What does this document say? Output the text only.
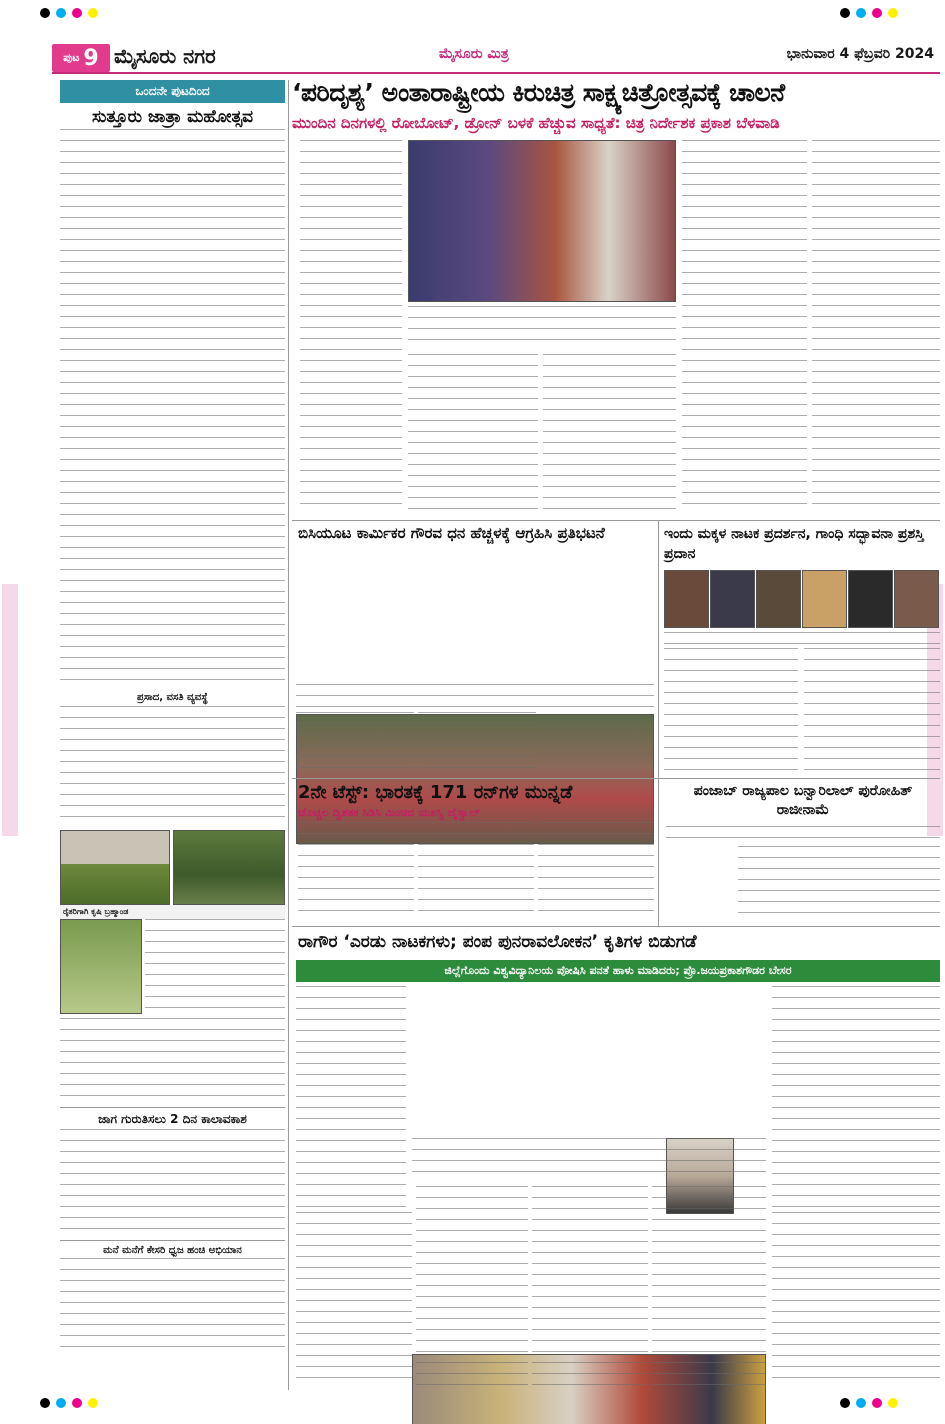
ಪುಟ 9 ಮೈಸೂರು ನಗರ	ಮೈಸೂರು ಮಿತ್ರ	ಭಾನುವಾರ 4 ಫೆಬ್ರವರಿ 2024
ಒಂದನೇ ಪುಟದಿಂದ
ಸುತ್ತೂರು ಜಾತ್ರಾ ಮಹೋತ್ಸವ
ಪ್ರಸಾದ, ವಸತಿ ವ್ಯವಸ್ಥೆ
ರೈತರಿಗಾಗಿ ಕೃಷಿ ಬ್ರಹ್ಮಾಂಡ
ಜಾಗ ಗುರುತಿಸಲು 2 ದಿನ ಕಾಲಾವಕಾಶ
ಮನೆ ಮನೆಗೆ ಕೇಸರಿ ಧ್ವಜ ಹಂಚಿ ಅಭಿಯಾನ
‘ಪರಿದೃಶ್ಯ’ ಅಂತಾರಾಷ್ಟ್ರೀಯ ಕಿರುಚಿತ್ರ ಸಾಕ್ಷ್ಯಚಿತ್ರೋತ್ಸವಕ್ಕೆ ಚಾಲನೆ
ಮುಂದಿನ ದಿನಗಳಲ್ಲಿ ರೋಬೋಟ್, ಡ್ರೋನ್ ಬಳಕೆ ಹೆಚ್ಚುವ ಸಾಧ್ಯತೆ: ಚಿತ್ರ ನಿರ್ದೇಶಕ ಪ್ರಕಾಶ ಬೆಳವಾಡಿ
ಬಿಸಿಯೂಟ ಕಾರ್ಮಿಕರ ಗೌರವ ಧನ ಹೆಚ್ಚಳಕ್ಕೆ ಆಗ್ರಹಿಸಿ ಪ್ರತಿಭಟನೆ	ಇಂದು ಮಕ್ಕಳ ನಾಟಕ ಪ್ರದರ್ಶನ, ಗಾಂಧಿ ಸದ್ಭಾವನಾ ಪ್ರಶಸ್ತಿ ಪ್ರದಾನ
2ನೇ ಟೆಸ್ಟ್: ಭಾರತಕ್ಕೆ 171 ರನ್‌ಗಳ ಮುನ್ನಡೆ
ಚೊಚ್ಚಲ ದ್ವಿಶತಕ ಸಿಡಿಸಿ ಮಿಂಚಿದ ಯಶಸ್ವಿ ಜೈಸ್ವಾಲ್
ಪಂಜಾಬ್ ರಾಜ್ಯಪಾಲ ಬನ್ವಾರಿಲಾಲ್ ಪುರೋಹಿತ್ ರಾಜೀನಾಮೆ
ರಾಗೌರ ‘ಎರಡು ನಾಟಕಗಳು; ಪಂಪ ಪುನರಾವಲೋಕನ’ ಕೃತಿಗಳ ಬಿಡುಗಡೆ
ಜಿಲ್ಲೆಗೊಂದು ವಿಶ್ವವಿದ್ಯಾನಿಲಯ ಪೋಷಿಸಿ ಪನತೆ ಹಾಳು ಮಾಡಿದರು; ಪ್ರೊ.ಜಯಪ್ರಕಾಶಗೌಡರ ಬೇಸರ
